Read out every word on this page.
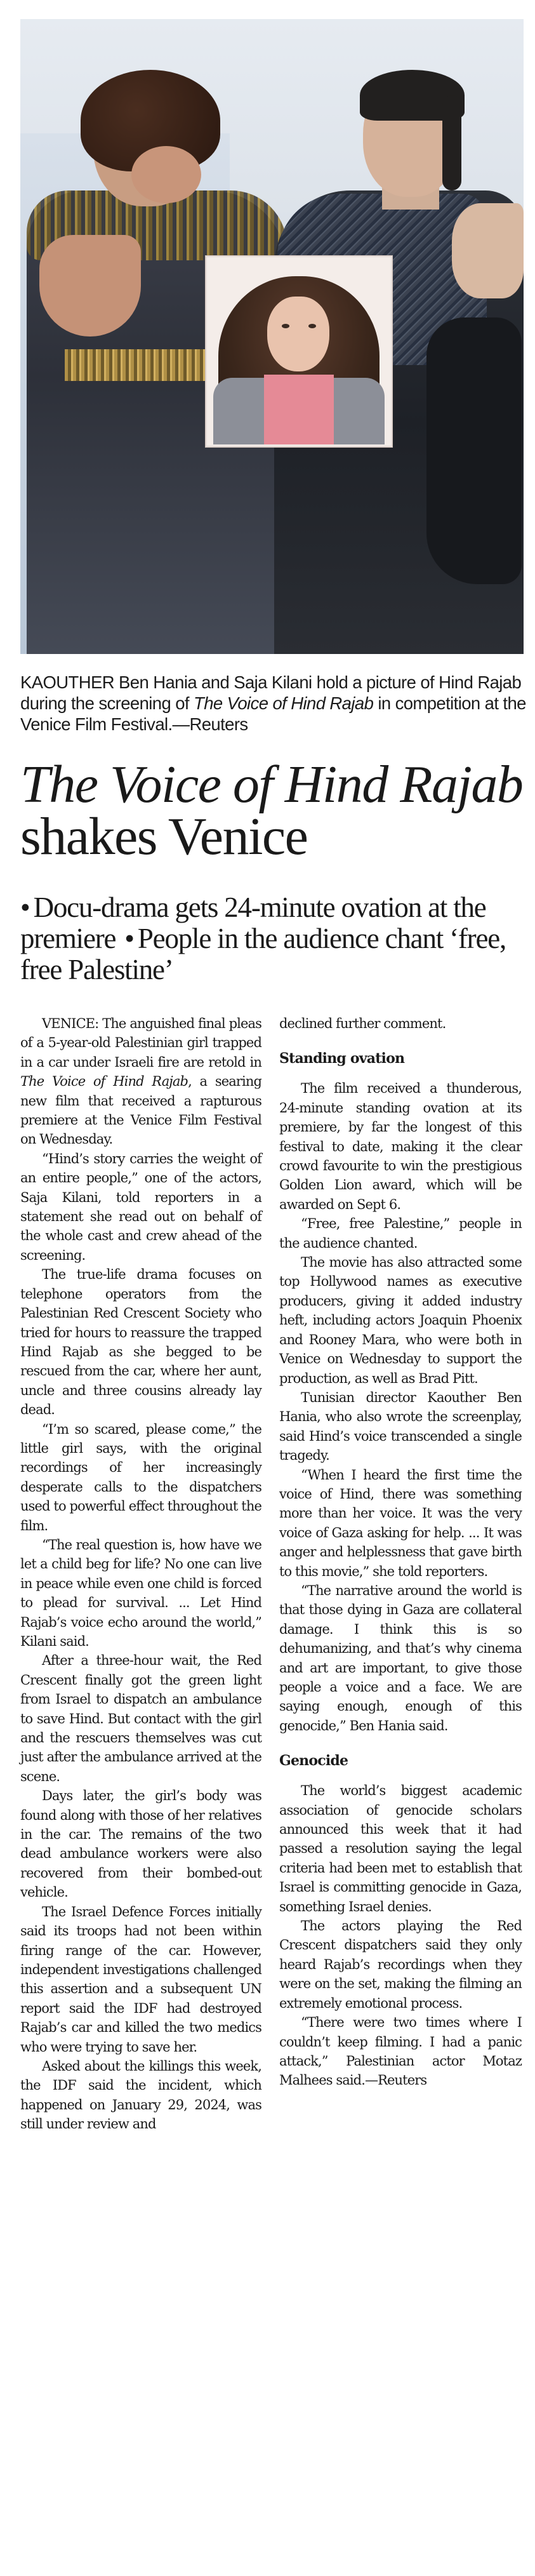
KAOUTHER Ben Hania and Saja Kilani hold a picture of Hind Rajab during the screening of The Voice of Hind Rajab in competition at the Venice Film Festival.—Reuters
The Voice of Hind Rajab shakes Venice
• Docu-drama gets 24-minute ovation at the premiere • People in the audience chant ‘free, free Palestine’

VENICE: The anguished final pleas of a 5-year-old Palestinian girl trapped in a car under Israeli fire are retold in The Voice of Hind Rajab, a searing new film that received a rapturous premiere at the Venice Film Festival on Wednesday.

“Hind’s story carries the weight of an entire people,” one of the actors, Saja Kilani, told reporters in a statement she read out on behalf of the whole cast and crew ahead of the screening.

The true-life drama focuses on telephone operators from the Palestinian Red Crescent Society who tried for hours to reassure the trapped Hind Rajab as she begged to be rescued from the car, where her aunt, uncle and three cousins already lay dead.

“I’m so scared, please come,” the little girl says, with the original recordings of her increasingly desperate calls to the dispatchers used to powerful effect throughout the film.

“The real question is, how have we let a child beg for life? No one can live in peace while even one child is forced to plead for survival. ... Let Hind Rajab’s voice echo around the world,” Kilani said.

After a three-hour wait, the Red Crescent finally got the green light from Israel to dispatch an ambulance to save Hind. But contact with the girl and the rescuers themselves was cut just after the ambulance arrived at the scene.

Days later, the girl’s body was found along with those of her relatives in the car. The remains of the two dead ambulance workers were also recovered from their bombed-out vehicle.

The Israel Defence Forces initially said its troops had not been within firing range of the car. However, independent investigations challenged this assertion and a subsequent UN report said the IDF had destroyed Rajab’s car and killed the two medics who were trying to save her.

Asked about the killings this week, the IDF said the incident, which happened on January 29, 2024, was still under review and

declined further comment.

Standing ovation

The film received a thunderous, 24-minute standing ovation at its premiere, by far the longest of this festival to date, making it the clear crowd favourite to win the prestigious Golden Lion award, which will be awarded on Sept 6.

“Free, free Palestine,” people in the audience chanted.

The movie has also attracted some top Hollywood names as executive producers, giving it added industry heft, including actors Joaquin Phoenix and Rooney Mara, who were both in Venice on Wednesday to support the production, as well as Brad Pitt.

Tunisian director Kaouther Ben Hania, who also wrote the screenplay, said Hind’s voice transcended a single tragedy.

“When I heard the first time the voice of Hind, there was something more than her voice. It was the very voice of Gaza asking for help. ... It was anger and helplessness that gave birth to this movie,” she told reporters.

“The narrative around the world is that those dying in Gaza are collateral damage. I think this is so dehumanizing, and that’s why cinema and art are important, to give those people a voice and a face. We are saying enough, enough of this genocide,” Ben Hania said.

Genocide

The world’s biggest academic association of genocide scholars announced this week that it had passed a resolution saying the legal criteria had been met to establish that Israel is committing genocide in Gaza, something Israel denies.

The actors playing the Red Crescent dispatchers said they only heard Rajab’s recordings when they were on the set, making the filming an extremely emotional process.

“There were two times where I couldn’t keep filming. I had a panic attack,” Palestinian actor Motaz Malhees said.—Reuters
